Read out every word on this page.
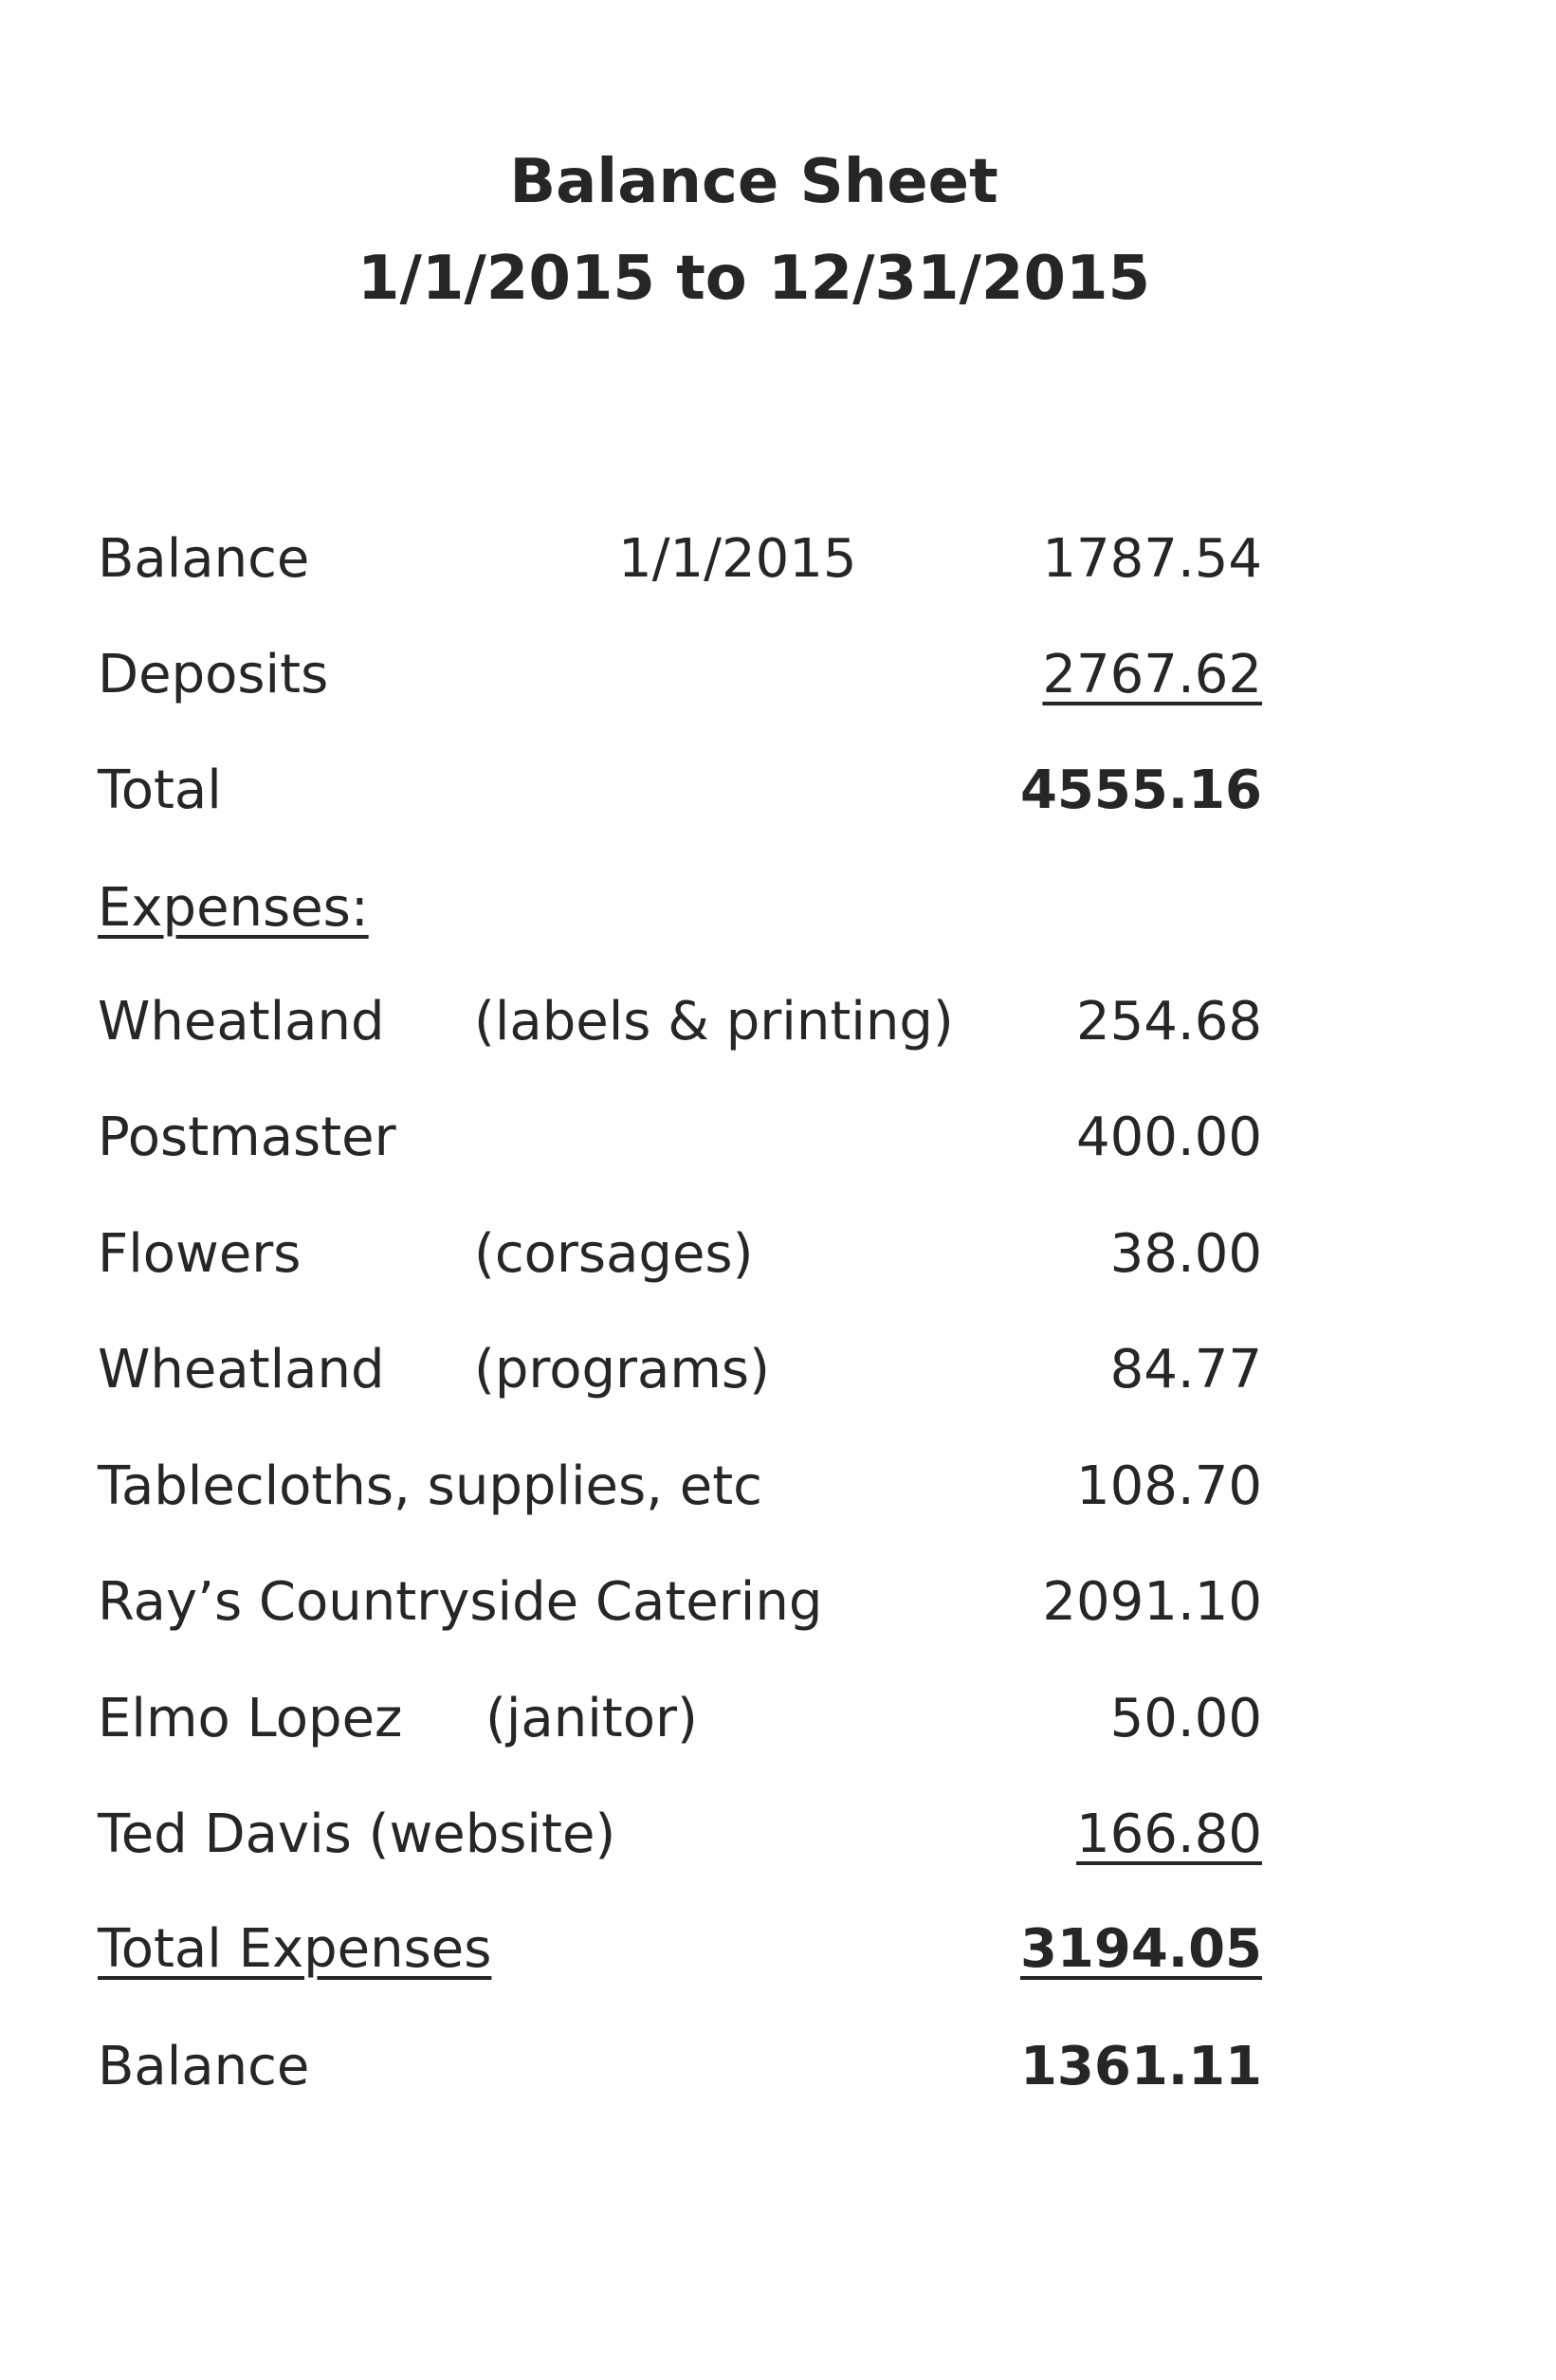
Balance Sheet
1/1/2015 to 12/31/2015
Balance	1/1/2015	1787.54
Deposits	2767.62
Total	4555.16
Expenses:
Wheatland (labels & printing) 254.68
Postmaster	400.00
Flowers	(corsages)	38.00
Wheatland (programs)	84.77
Tablecloths, supplies, etc	108.70
Ray’s Countryside Catering	2091.10
Elmo Lopez (janitor)	50.00
Ted Davis (website)	166.80
Total Expenses	3194.05
Balance	1361.11
